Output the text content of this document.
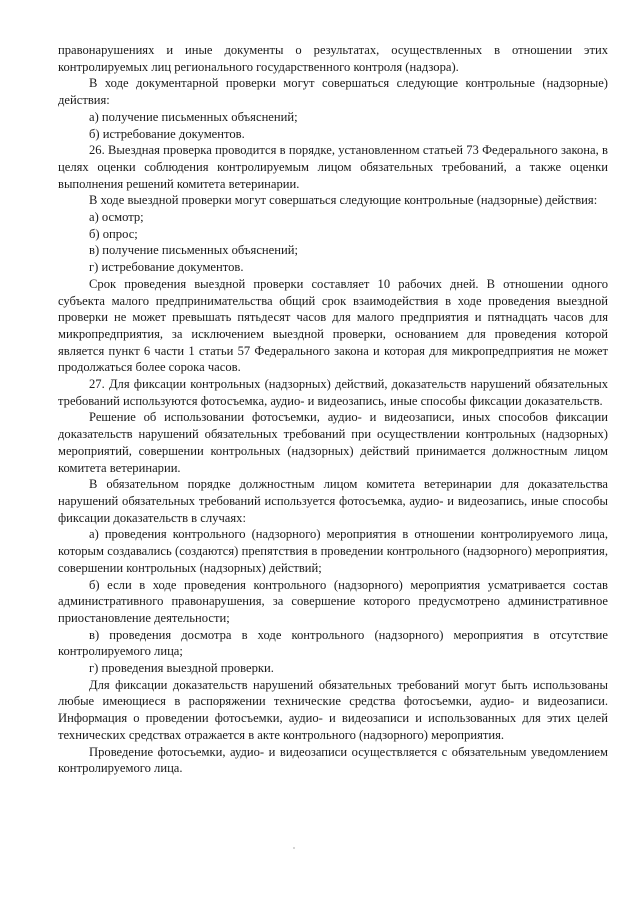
правонарушениях и иные документы о результатах, осуществленных в отношении этих контролируемых лиц регионального государственного контроля (надзора).

В ходе документарной проверки могут совершаться следующие контрольные (надзорные) действия:

а) получение письменных объяснений;

б) истребование документов.

26. Выездная проверка проводится в порядке, установленном статьей 73 Федерального закона, в целях оценки соблюдения контролируемым лицом обязательных требований, а также оценки выполнения решений комитета ветеринарии.

В ходе выездной проверки могут совершаться следующие контрольные (надзорные) действия:

а) осмотр;

б) опрос;

в) получение письменных объяснений;

г) истребование документов.

Срок проведения выездной проверки составляет 10 рабочих дней. В отношении одного субъекта малого предпринимательства общий срок взаимодействия в ходе проведения выездной проверки не может превышать пятьдесят часов для малого предприятия и пятнадцать часов для микропредприятия, за исключением выездной проверки, основанием для проведения которой является пункт 6 части 1 статьи 57 Федерального закона и которая для микропредприятия не может продолжаться более сорока часов.

27. Для фиксации контрольных (надзорных) действий, доказательств нарушений обязательных требований используются фотосъемка, аудио- и видеозапись, иные способы фиксации доказательств.

Решение об использовании фотосъемки, аудио- и видеозаписи, иных способов фиксации доказательств нарушений обязательных требований при осуществлении контрольных (надзорных) мероприятий, совершении контрольных (надзорных) действий принимается должностным лицом комитета ветеринарии.

В обязательном порядке должностным лицом комитета ветеринарии для доказательства нарушений обязательных требований используется фотосъемка, аудио- и видеозапись, иные способы фиксации доказательств в случаях:

а) проведения контрольного (надзорного) мероприятия в отношении контролируемого лица, которым создавались (создаются) препятствия в проведении контрольного (надзорного) мероприятия, совершении контрольных (надзорных) действий;

б) если в ходе проведения контрольного (надзорного) мероприятия усматривается состав административного правонарушения, за совершение которого предусмотрено административное приостановление деятельности;

в) проведения досмотра в ходе контрольного (надзорного) мероприятия в отсутствие контролируемого лица;

г) проведения выездной проверки.

Для фиксации доказательств нарушений обязательных требований могут быть использованы любые имеющиеся в распоряжении технические средства фотосъемки, аудио- и видеозаписи. Информация о проведении фотосъемки, аудио- и видеозаписи и использованных для этих целей технических средствах отражается в акте контрольного (надзорного) мероприятия.

Проведение фотосъемки, аудио- и видеозаписи осуществляется с обязательным уведомлением контролируемого лица.
